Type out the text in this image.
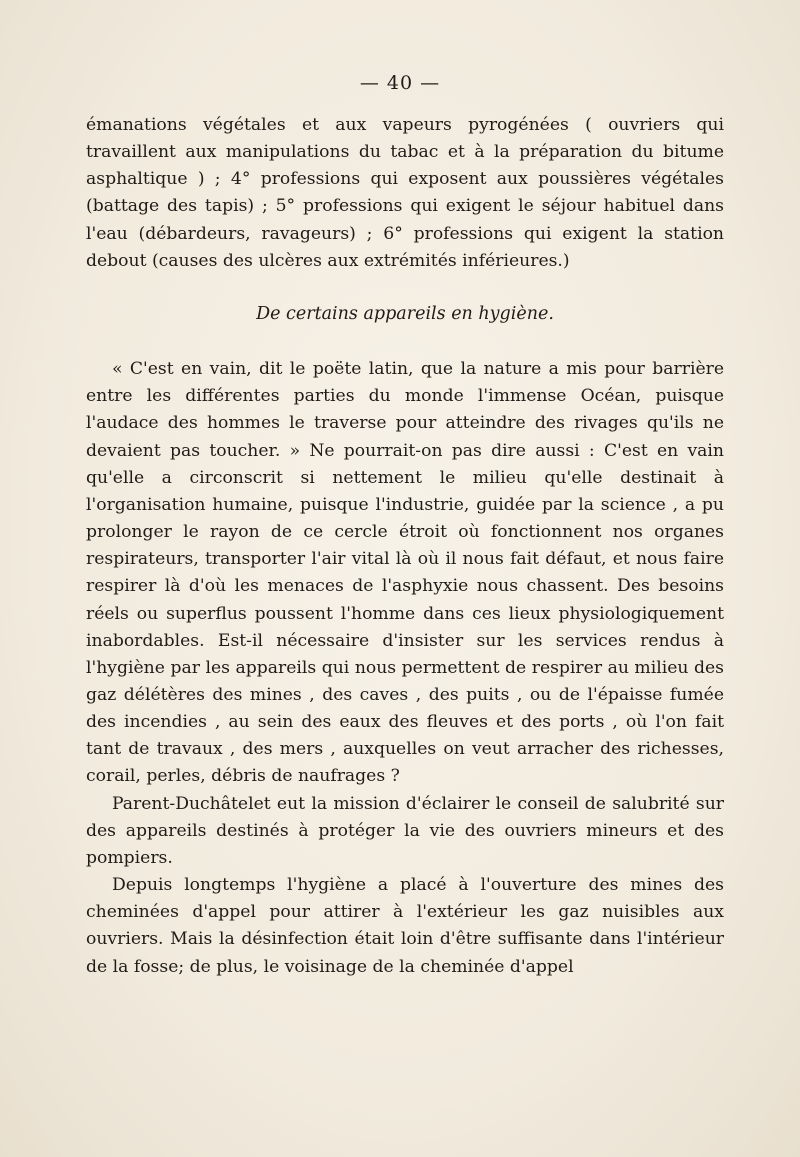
— 40 —

émanations végétales et aux vapeurs pyrogénées ( ouvriers qui travaillent aux manipulations du tabac et à la préparation du bitume asphaltique ) ; 4° professions qui exposent aux poussières végétales (battage des tapis) ; 5° professions qui exigent le séjour habituel dans l'eau (débardeurs, ravageurs) ; 6° professions qui exigent la station debout (causes des ulcères aux extrémités inférieures.)

De certains appareils en hygiène.

« C'est en vain, dit le poëte latin, que la nature a mis pour barrière entre les différentes parties du monde l'immense Océan, puisque l'audace des hommes le traverse pour atteindre des rivages qu'ils ne devaient pas toucher. » Ne pourrait-on pas dire aussi : C'est en vain qu'elle a circonscrit si nettement le milieu qu'elle destinait à l'organisation humaine, puisque l'industrie, guidée par la science , a pu prolonger le rayon de ce cercle étroit où fonctionnent nos organes respirateurs, transporter l'air vital là où il nous fait défaut, et nous faire respirer là d'où les menaces de l'asphyxie nous chassent. Des besoins réels ou superflus poussent l'homme dans ces lieux physiologiquement inabordables. Est-il nécessaire d'insister sur les services rendus à l'hygiène par les appareils qui nous permettent de respirer au milieu des gaz délétères des mines , des caves , des puits , ou de l'épaisse fumée des incendies , au sein des eaux des fleuves et des ports , où l'on fait tant de travaux , des mers , auxquelles on veut arracher des richesses, corail, perles, débris de naufrages ?

Parent-Duchâtelet eut la mission d'éclairer le conseil de salubrité sur des appareils destinés à protéger la vie des ouvriers mineurs et des pompiers.

Depuis longtemps l'hygiène a placé à l'ouverture des mines des cheminées d'appel pour attirer à l'extérieur les gaz nuisibles aux ouvriers. Mais la désinfection était loin d'être suffisante dans l'intérieur de la fosse; de plus, le voisinage de la cheminée d'appel
